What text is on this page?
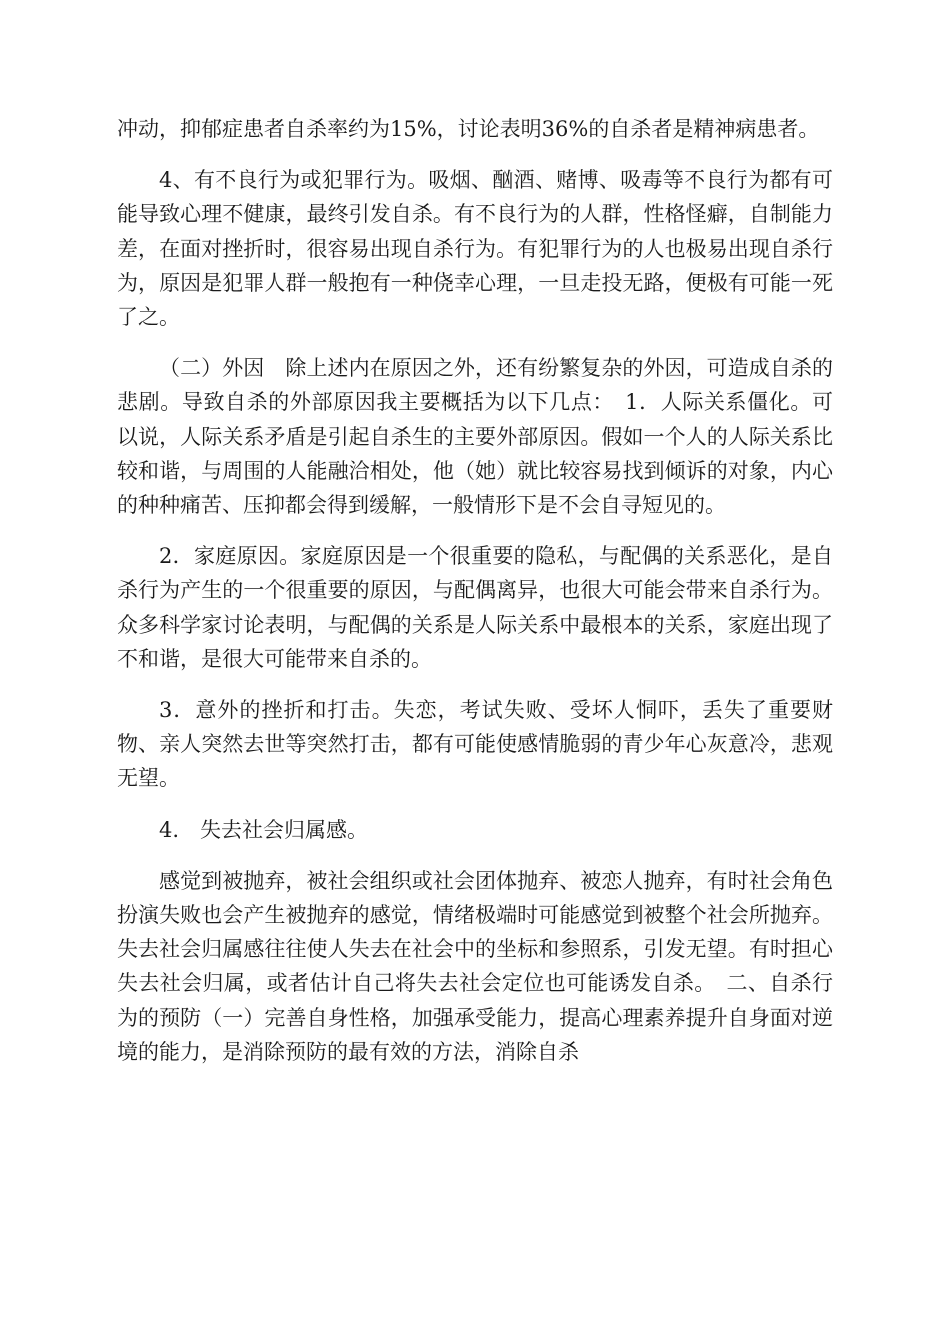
冲动，抑郁症患者自杀率约为15%，讨论表明36%的自杀者是精神病患者。

4、有不良行为或犯罪行为。吸烟、酗酒、赌博、吸毒等不良行为都有可能导致心理不健康，最终引发自杀。有不良行为的人群，性格怪癖，自制能力差，在面对挫折时，很容易出现自杀行为。有犯罪行为的人也极易出现自杀行为，原因是犯罪人群一般抱有一种侥幸心理，一旦走投无路，便极有可能一死了之。

（二）外因　除上述内在原因之外，还有纷繁复杂的外因，可造成自杀的悲剧。导致自杀的外部原因我主要概括为以下几点：　1．人际关系僵化。可以说，人际关系矛盾是引起自杀生的主要外部原因。假如一个人的人际关系比较和谐，与周围的人能融洽相处，他（她）就比较容易找到倾诉的对象，内心的种种痛苦、压抑都会得到缓解，一般情形下是不会自寻短见的。

2．家庭原因。家庭原因是一个很重要的隐私，与配偶的关系恶化，是自杀行为产生的一个很重要的原因，与配偶离异，也很大可能会带来自杀行为。众多科学家讨论表明，与配偶的关系是人际关系中最根本的关系，家庭出现了不和谐，是很大可能带来自杀的。

3．意外的挫折和打击。失恋，考试失败、受坏人恫吓，丢失了重要财物、亲人突然去世等突然打击，都有可能使感情脆弱的青少年心灰意冷，悲观无望。

4.　失去社会归属感。

感觉到被抛弃，被社会组织或社会团体抛弃、被恋人抛弃，有时社会角色扮演失败也会产生被抛弃的感觉，情绪极端时可能感觉到被整个社会所抛弃。失去社会归属感往往使人失去在社会中的坐标和参照系，引发无望。有时担心失去社会归属，或者估计自己将失去社会定位也可能诱发自杀。　二、自杀行为的预防（一）完善自身性格，加强承受能力，提高心理素养提升自身面对逆境的能力，是消除预防的最有效的方法，消除自杀
